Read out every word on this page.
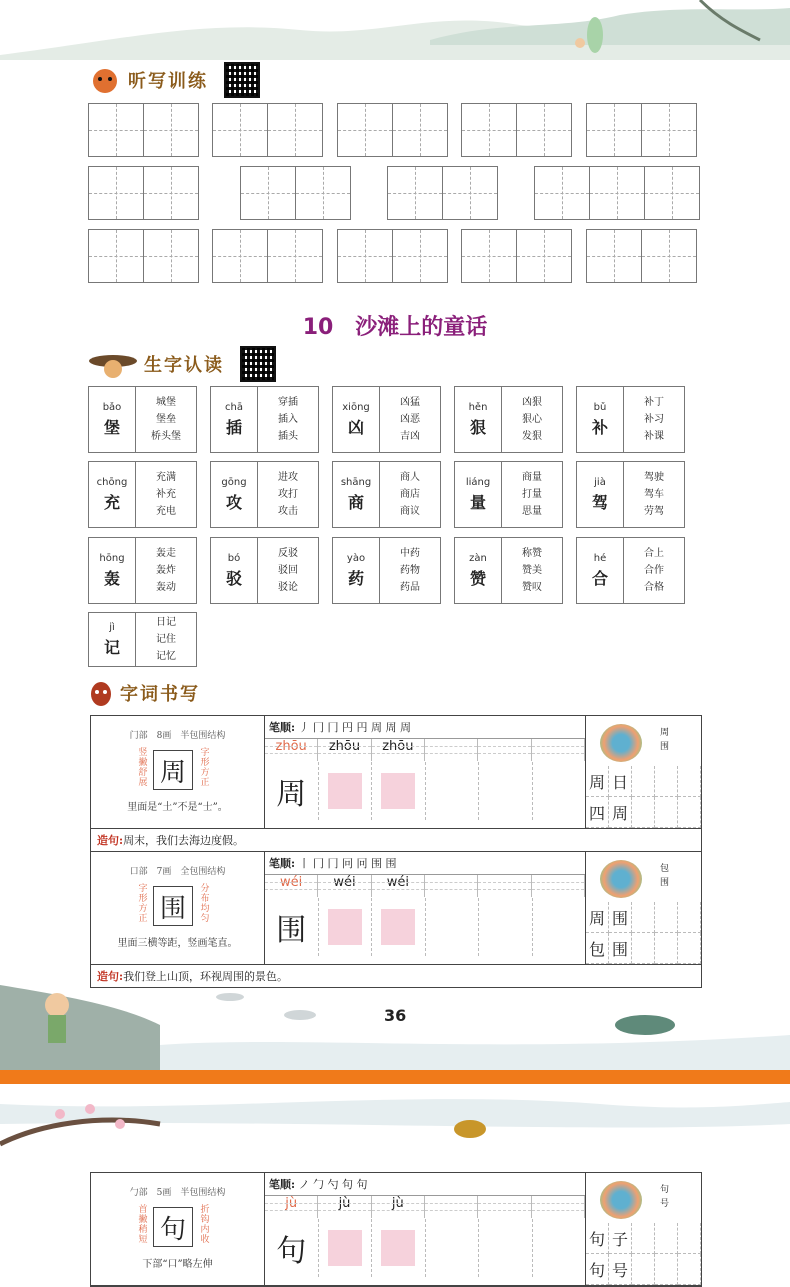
听写训练
10　沙滩上的童话
生字认读
bǎo
堡
城堡
堡垒
桥头堡
chā
插
穿插
插入
插头
xiōng
凶
凶猛
凶恶
吉凶
hěn
狠
凶狠
狠心
发狠
bǔ
补
补丁
补习
补课
chōng
充
充满
补充
充电
gōng
攻
进攻
攻打
攻击
shāng
商
商人
商店
商议
liáng
量
商量
打量
思量
jià
驾
驾驶
驾车
劳驾
hōng
轰
轰走
轰炸
轰动
bó
驳
反驳
驳回
驳论
yào
药
中药
药物
药品
zàn
赞
称赞
赞美
赞叹
hé
合
合上
合作
合格
jì
记
日记
记住
记忆
字词书写
门部　8画　半包围结构
竖撇舒展 周
字形方正
里面是“土”不是“士”。
笔顺: 丿 冂 冂 円 円 周 周 周
zhōu	zhōu	zhōu
周
周围
周 日
四 周
造句: 周末，我们去海边度假。
口部　7画　全包围结构
字形方正 围
分布均匀
里面三横等距，竖画笔直。
笔顺: 丨 冂 冂 冋 冋 围 围
wéi	wéi	wéi
围
包围
周 围
包 围
造句: 我们登上山顶，环视周围的景色。
勹部　5画　半包围结构
首撇稍短 句
折钩内收
下部“口”略左伸
笔顺: ノ 勹 勺 句 句
jù	jù	jù
句
句号
句 子
句 号
36
